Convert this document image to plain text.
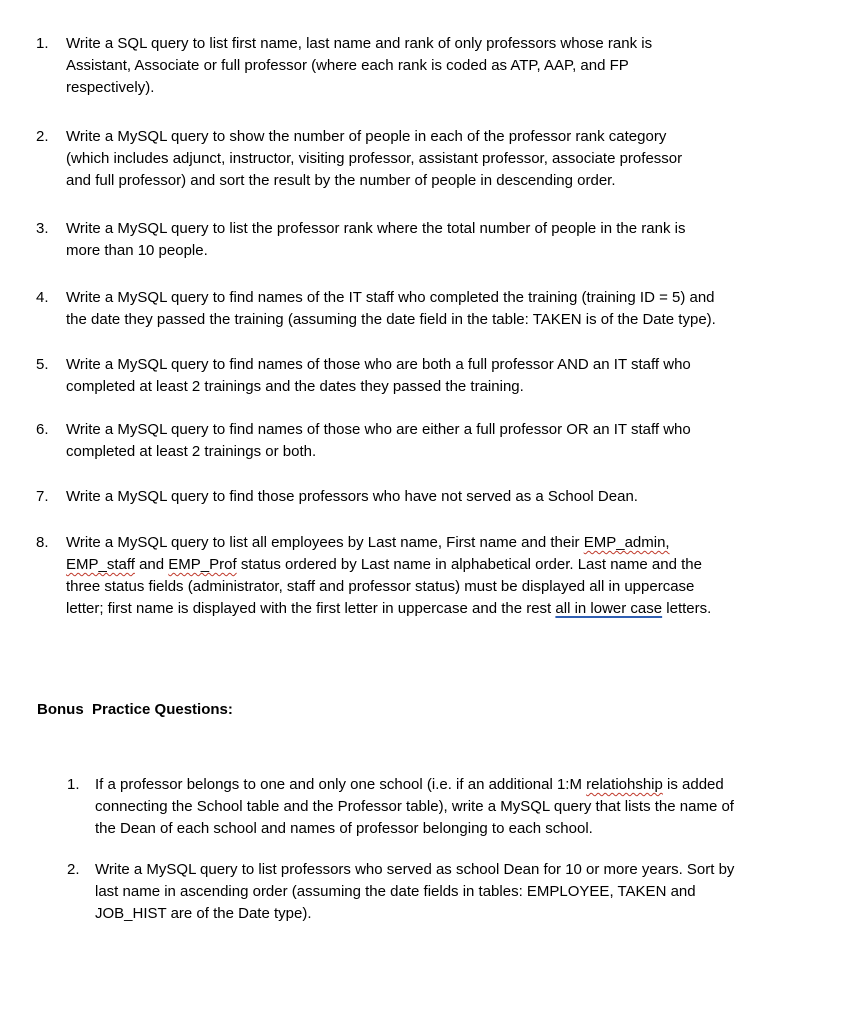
1.	Write a SQL query to list first name, last name and rank of only professors whose rank is
Assistant, Associate or full professor (where each rank is coded as ATP, AAP, and FP
respectively).
2.	Write a MySQL query to show the number of people in each of the professor rank category
(which includes adjunct, instructor, visiting professor, assistant professor, associate professor
and full professor) and sort the result by the number of people in descending order.
3.	Write a MySQL query to list the professor rank where the total number of people in the rank is
more than 10 people.
4.	Write a MySQL query to find names of the IT staff who completed the training (training ID = 5) and
the date they passed the training (assuming the date field in the table: TAKEN is of the Date type).
5.	Write a MySQL query to find names of those who are both a full professor AND an IT staff who
completed at least 2 trainings and the dates they passed the training.
6.	Write a MySQL query to find names of those who are either a full professor OR an IT staff who
completed at least 2 trainings or both.
7.	Write a MySQL query to find those professors who have not served as a School Dean.
8.	Write a MySQL query to list all employees by Last name, First name and their EMP_admin,
EMP_staff and EMP_Prof status ordered by Last name in alphabetical order. Last name and the
three status fields (administrator, staff and professor status) must be displayed all in uppercase
letter; first name is displayed with the first letter in uppercase and the rest all in lower case letters.
Bonus  Practice Questions:
1.	If a professor belongs to one and only one school (i.e. if an additional 1:M relatiohship is added
connecting the School table and the Professor table), write a MySQL query that lists the name of
the Dean of each school and names of professor belonging to each school.
2.	Write a MySQL query to list professors who served as school Dean for 10 or more years. Sort by
last name in ascending order (assuming the date fields in tables: EMPLOYEE, TAKEN and
JOB_HIST are of the Date type).
